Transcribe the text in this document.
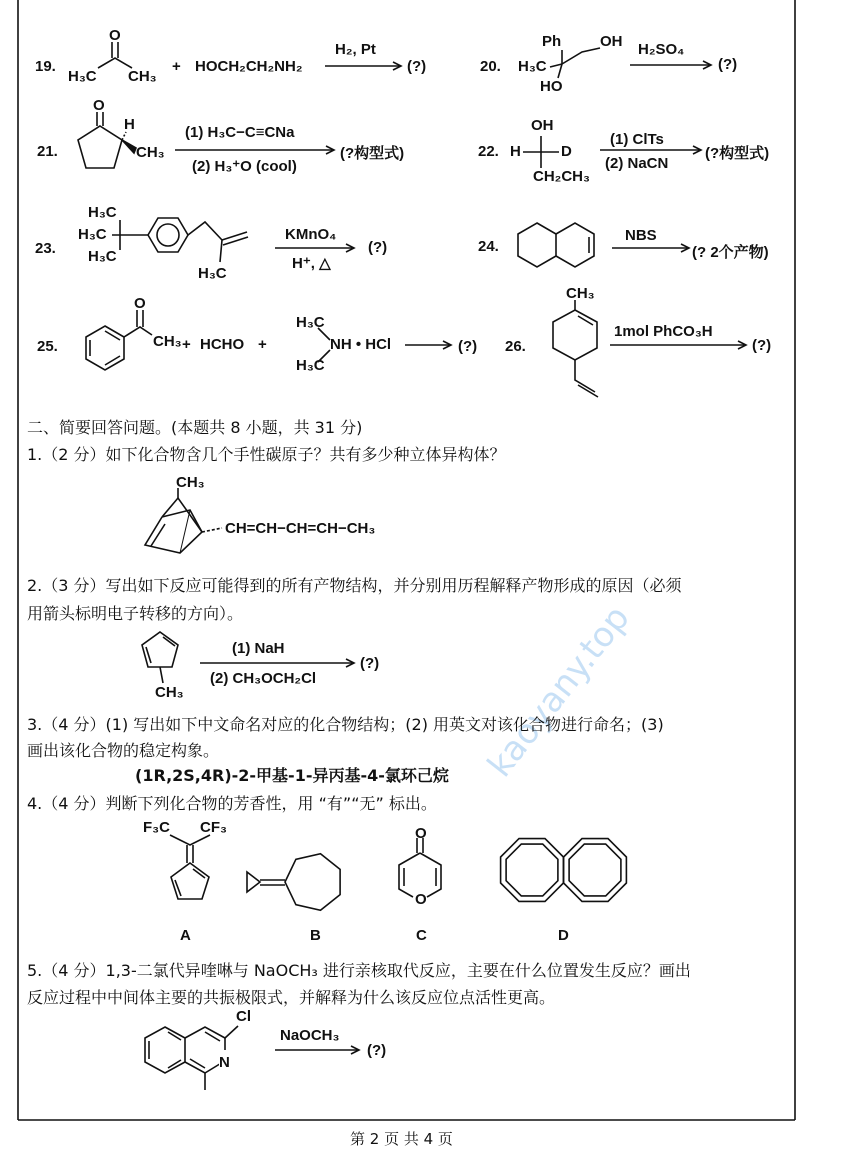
kaoyany.top
19.
O
H₃C CH₃
+ HOCH₂CH₂NH₂
H₂, Pt
(?)	20.
Ph	OH
H₃C
HO
H₂SO₄
(?)
21.
O
H
CH₃
(1) H₃C−C≡CNa
(2) H₃⁺O (cool)
(?构型式)	22.
OH
H	D
CH₂CH₃
(1) ClTs
(2) NaCN
(?构型式)
23.
H₃C
H₃C
H₃C
H₃C
KMnO₄
H⁺, △
(?)	24.
NBS
(? 2个产物)
25.
O
CH₃ + HCHO +
H₃C
NH • HCl
H₃C
(?) 26.
CH₃
1mol PhCO₃H
(?)
二、简要回答问题。(本题共 8 小题，共 31 分)
1.（2 分）如下化合物含几个手性碳原子？共有多少种立体异构体？
CH₃
CH=CH−CH=CH−CH₃
2.（3 分）写出如下反应可能得到的所有产物结构，并分别用历程解释产物形成的原因（必须
用箭头标明电子转移的方向）。
CH₃
(1) NaH
(2) CH₃OCH₂Cl
(?)
3.（4 分）(1) 写出如下中文命名对应的化合物结构；(2) 用英文对该化合物进行命名；(3)
画出该化合物的稳定构象。
(1R,2S,4R)-2-甲基-1-异丙基-4-氯环己烷
4.（4 分）判断下列化合物的芳香性，用 “有”“无” 标出。
F₃C CF₃	O
O
A	B	C	D
5.（4 分）1,3-二氯代异喹啉与 NaOCH₃ 进行亲核取代反应，主要在什么位置发生反应？画出
反应过程中中间体主要的共振极限式，并解释为什么该反应位点活性更高。
Cl
N
NaOCH₃
(?)
第 2 页 共 4 页
